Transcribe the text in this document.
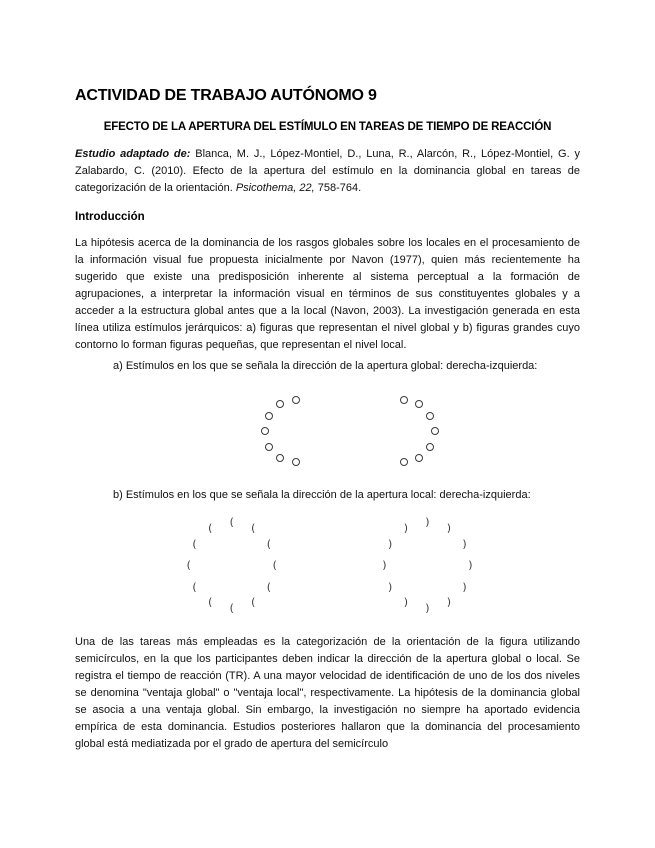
ACTIVIDAD DE TRABAJO AUTÓNOMO 9
EFECTO DE LA APERTURA DEL ESTÍMULO EN TAREAS DE TIEMPO DE REACCIÓN

Estudio adaptado de: Blanca, M. J., López-Montiel, D., Luna, R., Alarcón, R., López-Montiel, G. y Zalabardo, C. (2010). Efecto de la apertura del estímulo en la dominancia global en tareas de categorización de la orientación. Psicothema, 22, 758-764.

Introducción

La hipótesis acerca de la dominancia de los rasgos globales sobre los locales en el procesamiento de la información visual fue propuesta inicialmente por Navon (1977), quien más recientemente ha sugerido que existe una predisposición inherente al sistema perceptual a la formación de agrupaciones, a interpretar la información visual en términos de sus constituyentes globales y a acceder a la estructura global antes que a la local (Navon, 2003). La investigación generada en esta línea utiliza estímulos jerárquicos: a) figuras que representan el nivel global y b) figuras grandes cuyo contorno lo forman figuras pequeñas, que representan el nivel local.

a) Estímulos en los que se señala la dirección de la apertura global: derecha-izquierda:

b) Estímulos en los que se señala la dirección de la apertura local: derecha-izquierda:

(
(
(
(
(
( ( (
(
(
(
(	)
)
)
)
)
) ) )
)
)
)
)

Una de las tareas más empleadas es la categorización de la orientación de la figura utilizando semicírculos, en la que los participantes deben indicar la dirección de la apertura global o local. Se registra el tiempo de reacción (TR). A una mayor velocidad de identificación de uno de los dos niveles se denomina "ventaja global" o "ventaja local", respectivamente. La hipótesis de la dominancia global se asocia a una ventaja global. Sin embargo, la investigación no siempre ha aportado evidencia empírica de esta dominancia. Estudios posteriores hallaron que la dominancia del procesamiento global está mediatizada por el grado de apertura del semicírculo
